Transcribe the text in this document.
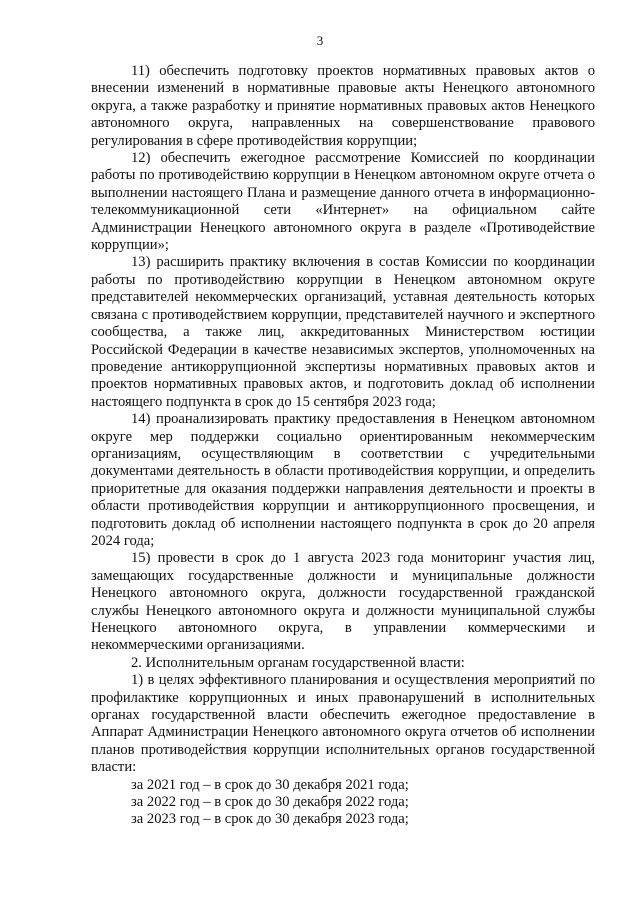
3

11) обеспечить подготовку проектов нормативных правовых актов о внесении изменений в нормативные правовые акты Ненецкого автономного округа, а также разработку и принятие нормативных правовых актов Ненецкого автономного округа, направленных на совершенствование правового регулирования в сфере противодействия коррупции;

12) обеспечить ежегодное рассмотрение Комиссией по координации работы по противодействию коррупции в Ненецком автономном округе отчета о выполнении настоящего Плана и размещение данного отчета в информационно-телекоммуникационной сети «Интернет» на официальном сайте Администрации Ненецкого автономного округа в разделе «Противодействие коррупции»;

13) расширить практику включения в состав Комиссии по координации работы по противодействию коррупции в Ненецком автономном округе представителей некоммерческих организаций, уставная деятельность которых связана с противодействием коррупции, представителей научного и экспертного сообщества, а также лиц, аккредитованных Министерством юстиции Российской Федерации в качестве независимых экспертов, уполномоченных на проведение антикоррупционной экспертизы нормативных правовых актов и проектов нормативных правовых актов, и подготовить доклад об исполнении настоящего подпункта в срок до 15 сентября 2023 года;

14) проанализировать практику предоставления в Ненецком автономном округе мер поддержки социально ориентированным некоммерческим организациям, осуществляющим в соответствии с учредительными документами деятельность в области противодействия коррупции, и определить приоритетные для оказания поддержки направления деятельности и проекты в области противодействия коррупции и антикоррупционного просвещения, и подготовить доклад об исполнении настоящего подпункта в срок до 20 апреля 2024 года;

15) провести в срок до 1 августа 2023 года мониторинг участия лиц, замещающих государственные должности и муниципальные должности Ненецкого автономного округа, должности государственной гражданской службы Ненецкого автономного округа и должности муниципальной службы Ненецкого автономного округа, в управлении коммерческими и некоммерческими организациями.

2. Исполнительным органам государственной власти:

1) в целях эффективного планирования и осуществления мероприятий по профилактике коррупционных и иных правонарушений в исполнительных органах государственной власти обеспечить ежегодное предоставление в Аппарат Администрации Ненецкого автономного округа отчетов об исполнении планов противодействия коррупции исполнительных органов государственной власти:

за 2021 год – в срок до 30 декабря 2021 года;

за 2022 год – в срок до 30 декабря 2022 года;

за 2023 год – в срок до 30 декабря 2023 года;
